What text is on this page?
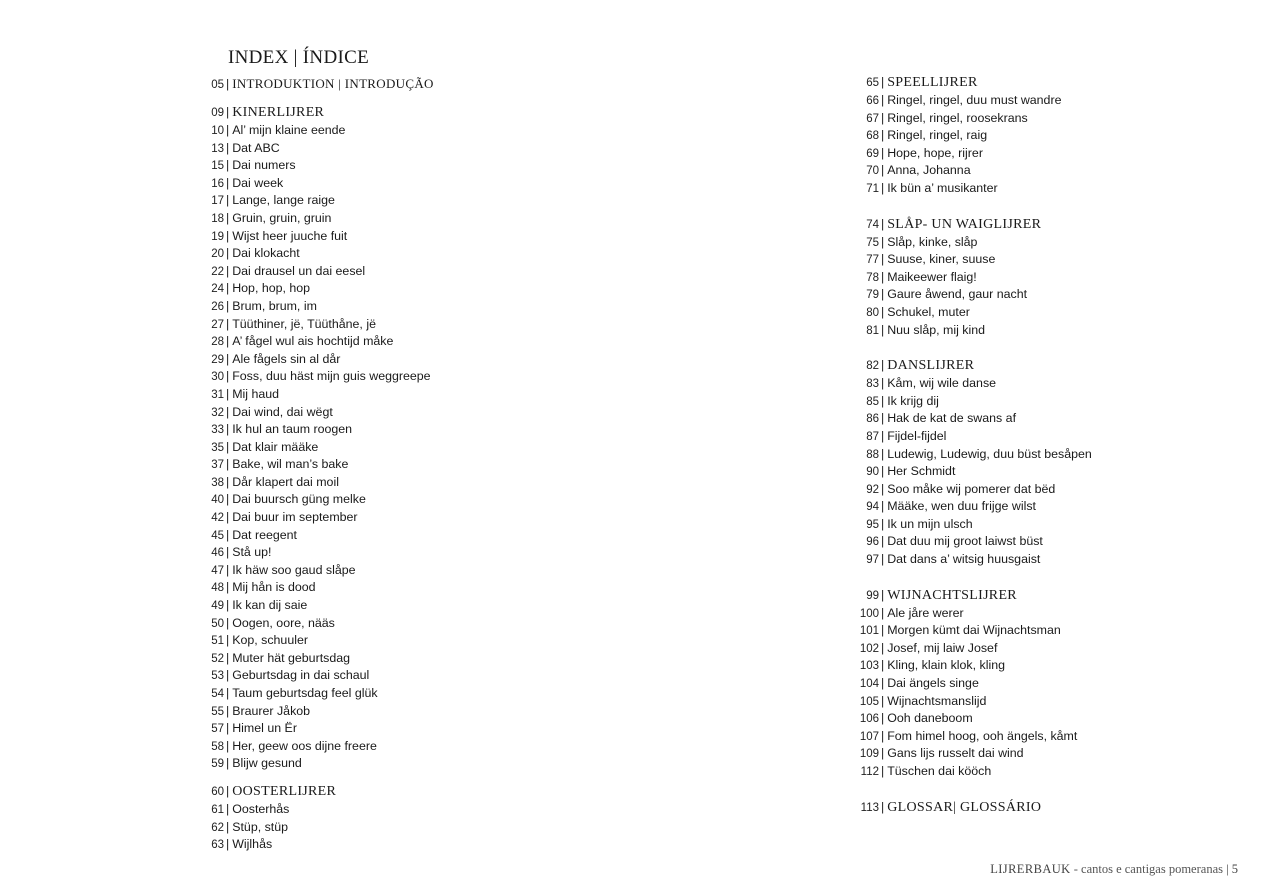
INDEX | ÍNDICE
05 | INTRODUKTION | INTRODUÇÃO
09 | KINERLIJRER
10 | Al’ mijn klaine eende
13 | Dat ABC
15 | Dai numers
16 | Dai week
17 | Lange, lange raige
18 | Gruin, gruin, gruin
19 | Wijst heer juuche fuit
20 | Dai klokacht
22 | Dai drausel un dai eesel
24 | Hop, hop, hop
26 | Brum, brum, im
27 | Tüüthiner, jë, Tüüthåne, jë
28 | A’ fågel wul ais hochtijd måke
29 | Ale fågels sin al dår
30 | Foss, duu häst mijn guis weggreepe
31 | Mij haud
32 | Dai wind, dai wëgt
33 | Ik hul an taum roogen
35 | Dat klair määke
37 | Bake, wil man’s bake
38 | Dår klapert dai moil
40 | Dai buursch güng melke
42 | Dai buur im september
45 | Dat reegent
46 | Stå up!
47 | Ik häw soo gaud slåpe
48 | Mij hån is dood
49 | Ik kan dij saie
50 | Oogen, oore, nääs
51 | Kop, schuuler
52 | Muter hät geburtsdag
53 | Geburtsdag in dai schaul
54 | Taum geburtsdag feel glük
55 | Braurer Jåkob
57 | Himel un Ër
58 | Her, geew oos dijne freere
59 | Blijw gesund
60 | OOSTERLIJRER
61 | Oosterhås
62 | Stüp, stüp
63 | Wijlhås
65 | SPEELLIJRER
66 | Ringel, ringel, duu must wandre
67 | Ringel, ringel, roosekrans
68 | Ringel, ringel, raig
69 | Hope, hope, rijrer
70 | Anna, Johanna
71 | Ik bün a’ musikanter
74 | SLÅP- UN WAIGLIJRER
75 | Slåp, kinke, slåp
77 | Suuse, kiner, suuse
78 | Maikeewer flaig!
79 | Gaure åwend, gaur nacht
80 | Schukel, muter
81 | Nuu slåp, mij kind
82 | DANSLIJRER
83 | Kåm, wij wile danse
85 | Ik krijg dij
86 | Hak de kat de swans af
87 | Fijdel-fijdel
88 | Ludewig, Ludewig, duu büst besåpen
90 | Her Schmidt
92 | Soo måke wij pomerer dat bëd
94 | Määke, wen duu frijge wilst
95 | Ik un mijn ulsch
96 | Dat duu mij groot laiwst büst
97 | Dat dans a’ witsig huusgaist
99 | WIJNACHTSLIJRER
100 | Ale jåre werer
101 | Morgen kümt dai Wijnachtsman
102 | Josef, mij laiw Josef
103 | Kling, klain klok, kling
104 | Dai ängels singe
105 | Wijnachtsmanslijd
106 | Ooh daneboom
107 | Fom himel hoog, ooh ängels, kåmt
109 | Gans lijs russelt dai wind
112 | Tüschen dai kööch
113 | GLOSSAR| GLOSSÁRIO
LIJRERBAUK - cantos e cantigas pomeranas | 5
